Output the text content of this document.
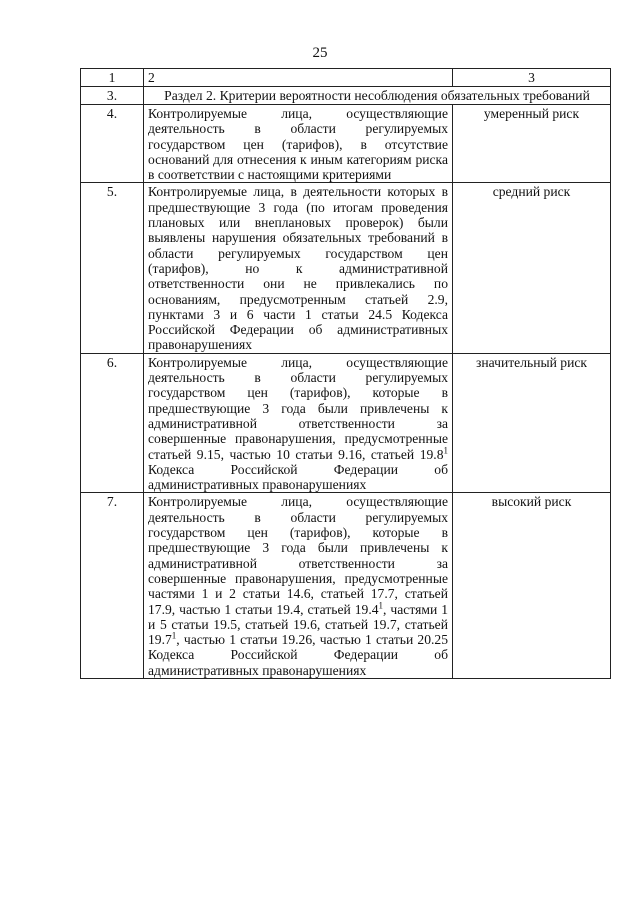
25
1	2	3
3.	Раздел 2. Критерии вероятности несоблюдения обязательных требований	
4.	Контролируемые лица, осуществляющие деятельность в области регулируемых государством цен (тарифов), в отсутствие оснований для отнесения к иным категориям риска в соответствии с настоящими критериями	умеренный риск
5.	Контролируемые лица, в деятельности которых в предшествующие 3 года (по итогам проведения плановых или внеплановых проверок) были выявлены нарушения обязательных требований в области регулируемых государством цен (тарифов), но к административной ответственности они не привлекались по основаниям, предусмотренным статьей 2.9, пунктами 3 и 6 части 1 статьи 24.5 Кодекса Российской Федерации об административных правонарушениях	средний риск
6.	Контролируемые лица, осуществляющие деятельность в области регулируемых государством цен (тарифов), которые в предшествующие 3 года были привлечены к административной ответственности за совершенные правонарушения, предусмотренные статьей 9.15, частью 10 статьи 9.16, статьей 19.8$^1$ Кодекса Российской Федерации об административных правонарушениях	значительный риск
7.	Контролируемые лица, осуществляющие деятельность в области регулируемых государством цен (тарифов), которые в предшествующие 3 года были привлечены к административной ответственности за совершенные правонарушения, предусмотренные частями 1 и 2 статьи 14.6, статьей 17.7, статьей 17.9, частью 1 статьи 19.4, статьей 19.4$^1$, частями 1 и 5 статьи 19.5, статьей 19.6, статьей 19.7, статьей 19.7$^1$, частью 1 статьи 19.26, частью 1 статьи 20.25 Кодекса Российской Федерации об административных правонарушениях	высокий риск
